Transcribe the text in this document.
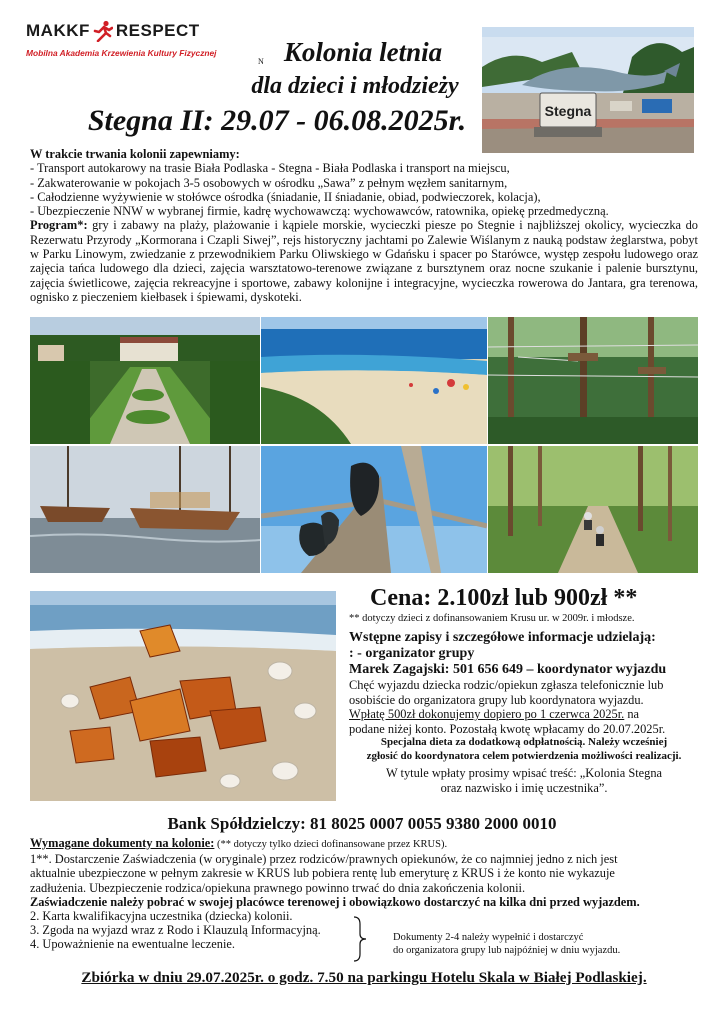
MAKKF RESPECT
Mobilna Akademia Krzewienia Kultury Fizycznej
N Kolonia letnia
dla dzieci i młodzieży
Stegna II: 29.07 - 06.08.2025r.	Stegna

W trakcie trwania kolonii zapewniamy:

- Transport autokarowy na trasie Biała Podlaska - Stegna - Biała Podlaska i transport na miejscu,

- Zakwaterowanie w pokojach 3-5 osobowych w ośrodku „Sawa” z pełnym węzłem sanitarnym,

- Całodzienne wyżywienie w stołówce ośrodka (śniadanie, II śniadanie, obiad, podwieczorek, kolacja),

- Ubezpieczenie NNW w wybranej firmie, kadrę wychowawczą: wychowawców, ratownika, opiekę przedmedyczną.

Program*: gry i zabawy na plaży, plażowanie i kąpiele morskie, wycieczki piesze po Stegnie i najbliższej okolicy, wycieczka do Rezerwatu Przyrody „Kormorana i Czapli Siwej”, rejs historyczny jachtami po Zalewie Wiślanym z nauką podstaw żeglarstwa, pobyt w Parku Linowym, zwiedzanie z przewodnikiem Parku Oliwskiego w Gdańsku i spacer po Starówce, występ zespołu ludowego oraz zajęcia tańca ludowego dla dzieci, zajęcia warsztatowo-terenowe związane z bursztynem oraz nocne szukanie i palenie bursztynu, zajęcia świetlicowe, zajęcia rekreacyjne i sportowe, zabawy kolonijne i integracyjne, wycieczka rowerowa do Jantara, gra terenowa, ognisko z pieczeniem kiełbasek i śpiewami, dyskoteki.

Cena: 2.100zł lub 900zł **
** dotyczy dzieci z dofinansowaniem Krusu ur. w 2009r. i młodsze.

Wstępne zapisy i szczegółowe informacje udzielają:

: - organizator grupy

Marek Zagajski: 501 656 649 – koordynator wyjazdu

Chęć wyjazdu dziecka rodzic/opiekun zgłasza telefonicznie lub

osobiście do organizatora grupy lub koordynatora wyjazdu.

Wpłatę 500zł dokonujemy dopiero po 1 czerwca 2025r. na

podane niżej konto. Pozostałą kwotę wpłacamy do 20.07.2025r.

Specjalna dieta za dodatkową odpłatnością. Należy wcześniej

zgłosić do koordynatora celem potwierdzenia możliwości realizacji.

W tytule wpłaty prosimy wpisać treść: „Kolonia Stegna

oraz nazwisko i imię uczestnika”.

Bank Spółdzielczy: 81 8025 0007 0055 9380 2000 0010

Wymagane dokumenty na kolonie: (** dotyczy tylko dzieci dofinansowane przez KRUS).

1**. Dostarczenie Zaświadczenia (w oryginale) przez rodziców/prawnych opiekunów, że co najmniej jedno z nich jest

aktualnie ubezpieczone w pełnym zakresie w KRUS lub pobiera rentę lub emeryturę z KRUS i że konto nie wykazuje

zadłużenia. Ubezpieczenie rodzica/opiekuna prawnego powinno trwać do dnia zakończenia kolonii.

Zaświadczenie należy pobrać w swojej placówce terenowej i obowiązkowo dostarczyć na kilka dni przed wyjazdem.

2. Karta kwalifikacyjna uczestnika (dziecka) kolonii.

3. Zgoda na wyjazd wraz z Rodo i Klauzulą Informacyjną.

4. Upoważnienie na ewentualne leczenie.	Dokumenty 2-4 należy wypełnić i dostarczyć

do organizatora grupy lub najpóźniej w dniu wyjazdu.

Zbiórka w dniu 29.07.2025r. o godz. 7.50 na parkingu Hotelu Skala w Białej Podlaskiej.
